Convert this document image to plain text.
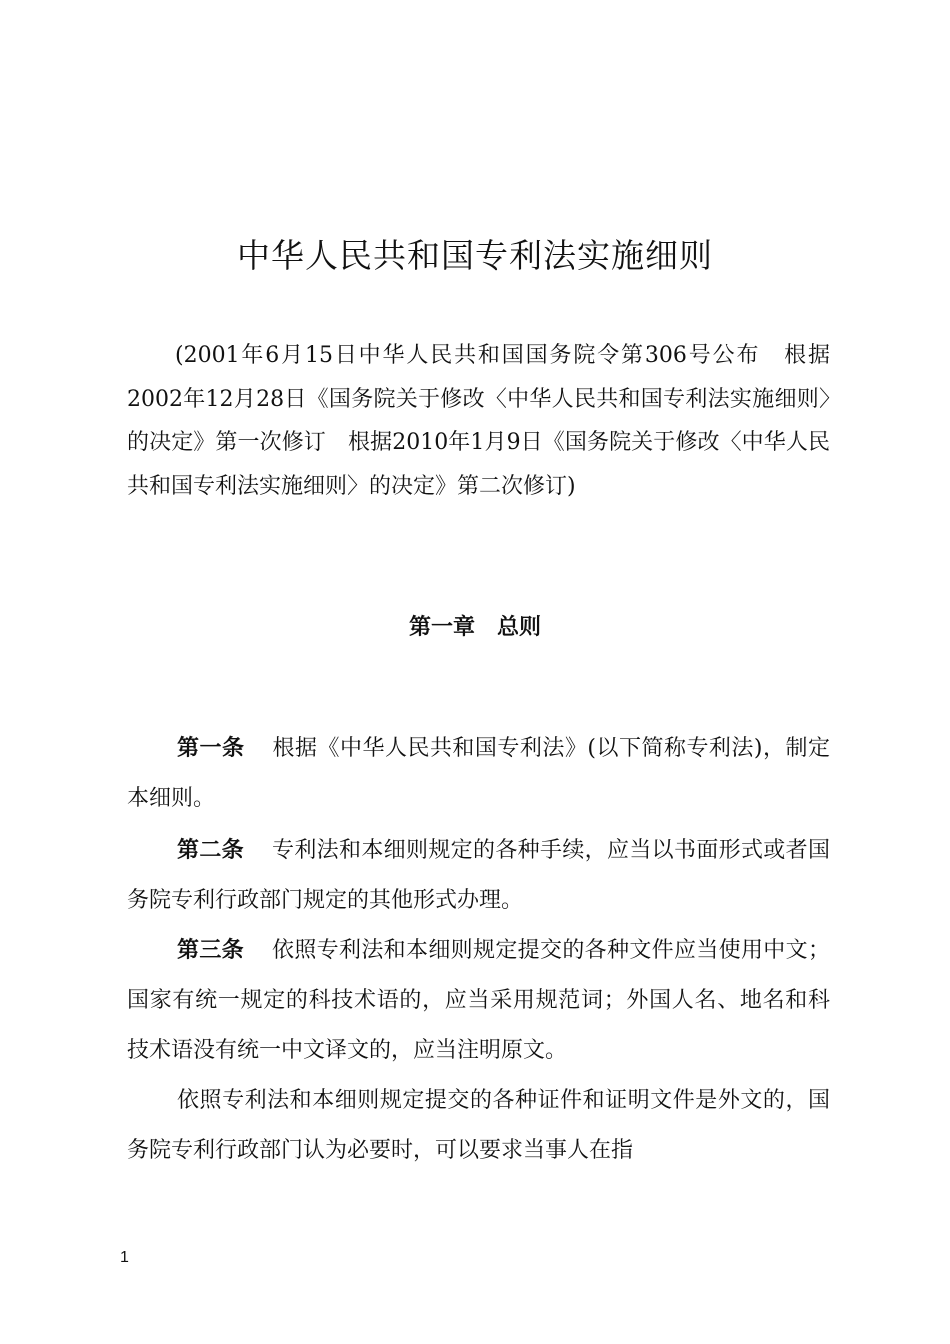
中华人民共和国专利法实施细则

(2001年6月15日中华人民共和国国务院令第306号公布　根据2002年12月28日《国务院关于修改〈中华人民共和国专利法实施细则〉的决定》第一次修订　根据2010年1月9日《国务院关于修改〈中华人民共和国专利法实施细则〉的决定》第二次修订)

第一章　总则

第一条 根据《中华人民共和国专利法》(以下简称专利法)，制定本细则。

第二条 专利法和本细则规定的各种手续，应当以书面形式或者国务院专利行政部门规定的其他形式办理。

第三条 依照专利法和本细则规定提交的各种文件应当使用中文；国家有统一规定的科技术语的，应当采用规范词；外国人名、地名和科技术语没有统一中文译文的，应当注明原文。

依照专利法和本细则规定提交的各种证件和证明文件是外文的，国务院专利行政部门认为必要时，可以要求当事人在指

1
